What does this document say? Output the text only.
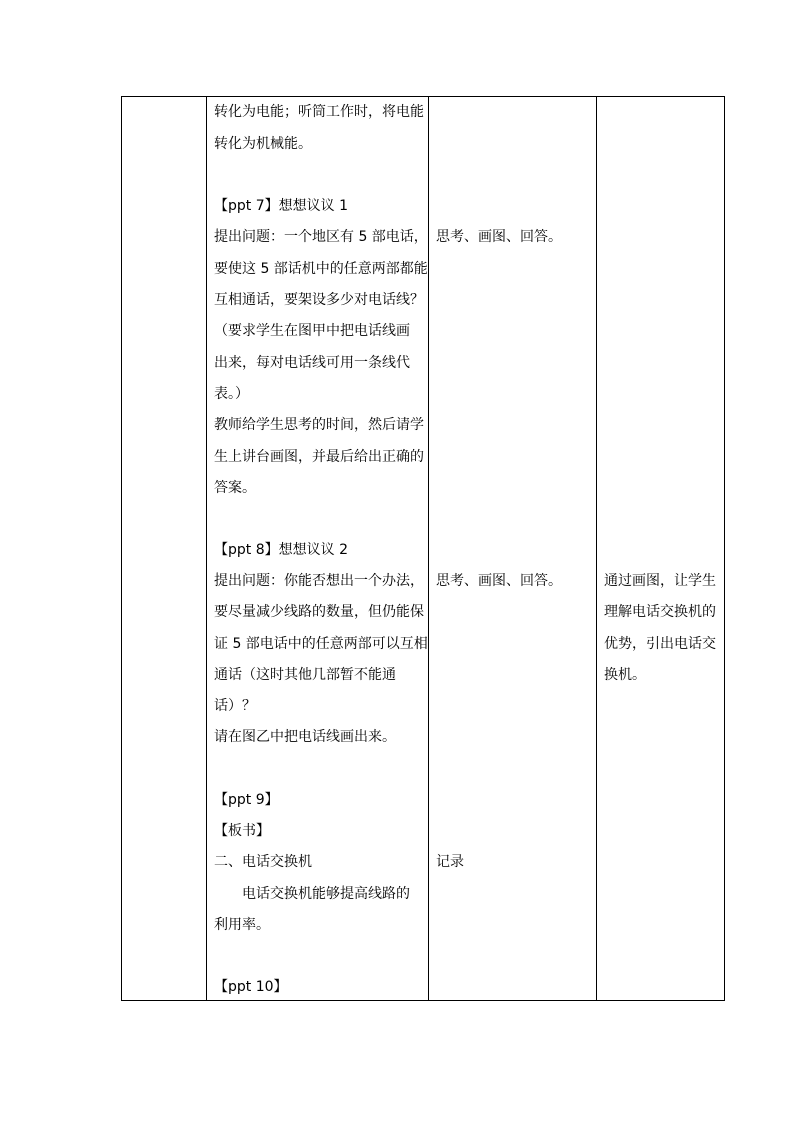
转化为电能；听筒工作时，将电能
转化为机械能。
【ppt 7】想想议议 1
提出问题：一个地区有 5 部电话，
要使这 5 部话机中的任意两部都能
互相通话，要架设多少对电话线？
（要求学生在图甲中把电话线画
出来，每对电话线可用一条线代
表。）
教师给学生思考的时间，然后请学
生上讲台画图，并最后给出正确的
答案。
【ppt 8】想想议议 2
提出问题：你能否想出一个办法，
要尽量减少线路的数量，但仍能保
证 5 部电话中的任意两部可以互相
通话（这时其他几部暂不能通
话）？
请在图乙中把电话线画出来。
【ppt 9】
【板书】
二、电话交换机
电话交换机能够提高线路的
利用率。
【ppt 10】
思考、画图、回答。
思考、画图、回答。
记录
通过画图，让学生
理解电话交换机的
优势，引出电话交
换机。
